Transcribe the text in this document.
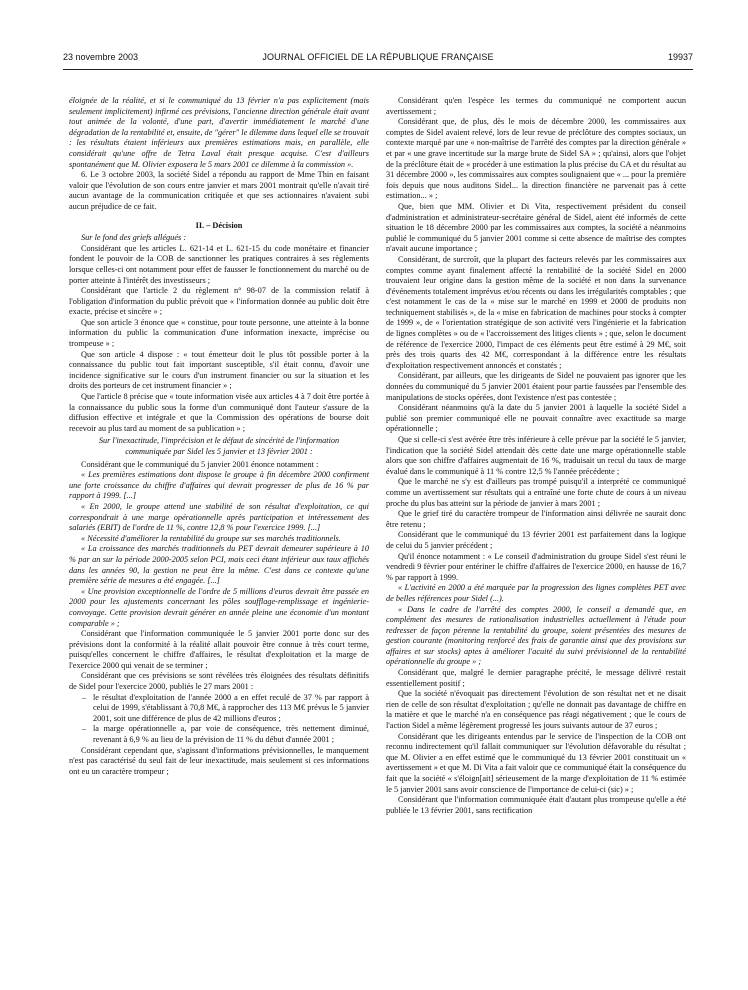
23 novembre 2003	JOURNAL OFFICIEL DE LA RÉPUBLIQUE FRANÇAISE	19937

éloignée de la réalité, et si le communiqué du 13 février n'a pas explicitement (mais seulement implicitement) infirmé ces prévisions, l'ancienne direction générale était avant tout animée de la volonté, d'une part, d'avertir immédiatement le marché d'une dégradation de la rentabilité et, ensuite, de "gérer" le dilemme dans lequel elle se trouvait : les résultats étaient inférieurs aux premières estimations mais, en parallèle, elle considérait qu'une offre de Tetra Laval était presque acquise. C'est d'ailleurs spontanément que M. Olivier exposera le 5 mars 2001 ce dilemme à la commission ».

6. Le 3 octobre 2003, la société Sidel a répondu au rapport de Mme Thin en faisant valoir que l'évolution de son cours entre janvier et mars 2001 montrait qu'elle n'avait tiré aucun avantage de la communication critiquée et que ses actionnaires n'avaient subi aucun préjudice de ce fait.

II. – Décision

Sur le fond des griefs allégués :

Considérant que les articles L. 621-14 et L. 621-15 du code monétaire et financier fondent le pouvoir de la COB de sanctionner les pratiques contraires à ses règlements lorsque celles-ci ont notamment pour effet de fausser le fonctionnement du marché ou de porter atteinte à l'intérêt des investisseurs ;

Considérant que l'article 2 du règlement n° 98-07 de la commission relatif à l'obligation d'information du public prévoit que « l'information donnée au public doit être exacte, précise et sincère » ;

Que son article 3 énonce que « constitue, pour toute personne, une atteinte à la bonne information du public la communication d'une information inexacte, imprécise ou trompeuse » ;

Que son article 4 dispose : « tout émetteur doit le plus tôt possible porter à la connaissance du public tout fait important susceptible, s'il était connu, d'avoir une incidence significative sur le cours d'un instrument financier ou sur la situation et les droits des porteurs de cet instrument financier » ;

Que l'article 8 précise que « toute information visée aux articles 4 à 7 doit être portée à la connaissance du public sous la forme d'un communiqué dont l'auteur s'assure de la diffusion effective et intégrale et que la Commission des opérations de bourse doit recevoir au plus tard au moment de sa publication » ;

Sur l'inexactitude, l'imprécision et le défaut de sincérité de l'information communiquée par Sidel les 5 janvier et 13 février 2001 :

Considérant que le communiqué du 5 janvier 2001 énonce notamment :

« Les premières estimations dont dispose le groupe à fin décembre 2000 confirment une forte croissance du chiffre d'affaires qui devrait progresser de plus de 16 % par rapport à 1999. [...]

« En 2000, le groupe attend une stabilité de son résultat d'exploitation, ce qui correspondrait à une marge opérationnelle après participation et intéressement des salariés (EBIT) de l'ordre de 11 %, contre 12,8 % pour l'exercice 1999. [...]

« Nécessité d'améliorer la rentabilité du groupe sur ses marchés traditionnels.

« La croissance des marchés traditionnels du PET devrait demeurer supérieure à 10 % par an sur la période 2000-2005 selon PCI, mais ceci étant inférieur aux taux affichés dans les années 90, la gestion ne peut être la même. C'est dans ce contexte qu'une première série de mesures a été engagée. [...]

« Une provision exceptionnelle de l'ordre de 5 millions d'euros devrait être passée en 2000 pour les ajustements concernant les pôles soufflage-remplissage et ingénierie-convoyage. Cette provision devrait générer en année pleine une économie d'un montant comparable » ;

Considérant que l'information communiquée le 5 janvier 2001 porte donc sur des prévisions dont la conformité à la réalité allait pouvoir être connue à très court terme, puisqu'elles concernent le chiffre d'affaires, le résultat d'exploitation et la marge de l'exercice 2000 qui venait de se terminer ;

Considérant que ces prévisions se sont révélées très éloignées des résultats définitifs de Sidel pour l'exercice 2000, publiés le 27 mars 2001 :

– le résultat d'exploitation de l'année 2000 a en effet reculé de 37 % par rapport à celui de 1999, s'établissant à 70,8 M€, à rapprocher des 113 M€ prévus le 5 janvier 2001, soit une différence de plus de 42 millions d'euros ;

– la marge opérationnelle a, par voie de conséquence, très nettement diminué, revenant à 6,9 % au lieu de la prévision de 11 % du début d'année 2001 ;

Considérant cependant que, s'agissant d'informations prévisionnelles, le manquement n'est pas caractérisé du seul fait de leur inexactitude, mais seulement si ces informations ont eu un caractère trompeur ;

Considérant qu'en l'espèce les termes du communiqué ne comportent aucun avertissement ;

Considérant que, de plus, dès le mois de décembre 2000, les commissaires aux comptes de Sidel avaient relevé, lors de leur revue de préclôture des comptes sociaux, un contexte marqué par une « non-maîtrise de l'arrêté des comptes par la direction générale » et par « une grave incertitude sur la marge brute de Sidel SA » ; qu'ainsi, alors que l'objet de la préclôture était de « procéder à une estimation la plus précise du CA et du résultat au 31 décembre 2000 », les commissaires aux comptes soulignaient que « ... pour la première fois depuis que nous auditons Sidel... la direction financière ne parvenait pas à cette estimation... » ;

Que, bien que MM. Olivier et Di Vita, respectivement président du conseil d'administration et administrateur-secrétaire général de Sidel, aient été informés de cette situation le 18 décembre 2000 par les commissaires aux comptes, la société a néanmoins publié le communiqué du 5 janvier 2001 comme si cette absence de maîtrise des comptes n'avait aucune importance ;

Considérant, de surcroît, que la plupart des facteurs relevés par les commissaires aux comptes comme ayant finalement affecté la rentabilité de la société Sidel en 2000 trouvaient leur origine dans la gestion même de la société et non dans la survenance d'événements totalement imprévus et/ou récents ou dans les irrégularités comptables ; que c'est notamment le cas de la « mise sur le marché en 1999 et 2000 de produits non techniquement stabilisés », de la « mise en fabrication de machines pour stocks à compter de 1999 », de « l'orientation stratégique de son activité vers l'ingénierie et la fabrication de lignes complètes » ou de « l'accroissement des litiges clients » ; que, selon le document de référence de l'exercice 2000, l'impact de ces éléments peut être estimé à 29 M€, soit près des trois quarts des 42 M€, correspondant à la différence entre les résultats d'exploitation respectivement annoncés et constatés ;

Considérant, par ailleurs, que les dirigeants de Sidel ne pouvaient pas ignorer que les données du communiqué du 5 janvier 2001 étaient pour partie faussées par l'ensemble des manipulations de stocks opérées, dont l'existence n'est pas contestée ;

Considérant néanmoins qu'à la date du 5 janvier 2001 à laquelle la société Sidel a publié son premier communiqué elle ne pouvait connaître avec exactitude sa marge opérationnelle ;

Que si celle-ci s'est avérée être très inférieure à celle prévue par la société le 5 janvier, l'indication que la société Sidel attendait dès cette date une marge opérationnelle stable alors que son chiffre d'affaires augmentait de 16 %, traduisait un recul du taux de marge évalué dans le communiqué à 11 % contre 12,5 % l'année précédente ;

Que le marché ne s'y est d'ailleurs pas trompé puisqu'il a interprété ce communiqué comme un avertissement sur résultats qui a entraîné une forte chute de cours à un niveau proche du plus bas atteint sur la période de janvier à mars 2001 ;

Que le grief tiré du caractère trompeur de l'information ainsi délivrée ne saurait donc être retenu ;

Considérant que le communiqué du 13 février 2001 est parfaitement dans la logique de celui du 5 janvier précédent ;

Qu'il énonce notamment : « Le conseil d'administration du groupe Sidel s'est réuni le vendredi 9 février pour entériner le chiffre d'affaires de l'exercice 2000, en hausse de 16,7 % par rapport à 1999.

« L'activité en 2000 a été marquée par la progression des lignes complètes PET avec de belles références pour Sidel (...).

« Dans le cadre de l'arrêté des comptes 2000, le conseil a demandé que, en complément des mesures de rationalisation industrielles actuellement à l'étude pour redresser de façon pérenne la rentabilité du groupe, soient présentées des mesures de gestion courante (monitoring renforcé des frais de garantie ainsi que des provisions sur affaires et sur stocks) aptes à améliorer l'acuité du suivi prévisionnel de la rentabilité opérationnelle du groupe » ;

Considérant que, malgré le dernier paragraphe précité, le message délivré restait essentiellement positif ;

Que la société n'évoquait pas directement l'évolution de son résultat net et ne disait rien de celle de son résultat d'exploitation ; qu'elle ne donnait pas davantage de chiffre en la matière et que le marché n'a en conséquence pas réagi négativement ; que le cours de l'action Sidel a même légèrement progressé les jours suivants autour de 37 euros ;

Considérant que les dirigeants entendus par le service de l'inspection de la COB ont reconnu indirectement qu'il fallait communiquer sur l'évolution défavorable du résultat ; que M. Olivier a en effet estimé que le communiqué du 13 février 2001 constituait un « avertissement » et que M. Di Vita a fait valoir que ce communiqué était la conséquence du fait que la société « s'éloign[ait] sérieusement de la marge d'exploitation de 11 % estimée le 5 janvier 2001 sans avoir conscience de l'importance de celui-ci (sic) » ;

Considérant que l'information communiquée était d'autant plus trompeuse qu'elle a été publiée le 13 février 2001, sans rectification
